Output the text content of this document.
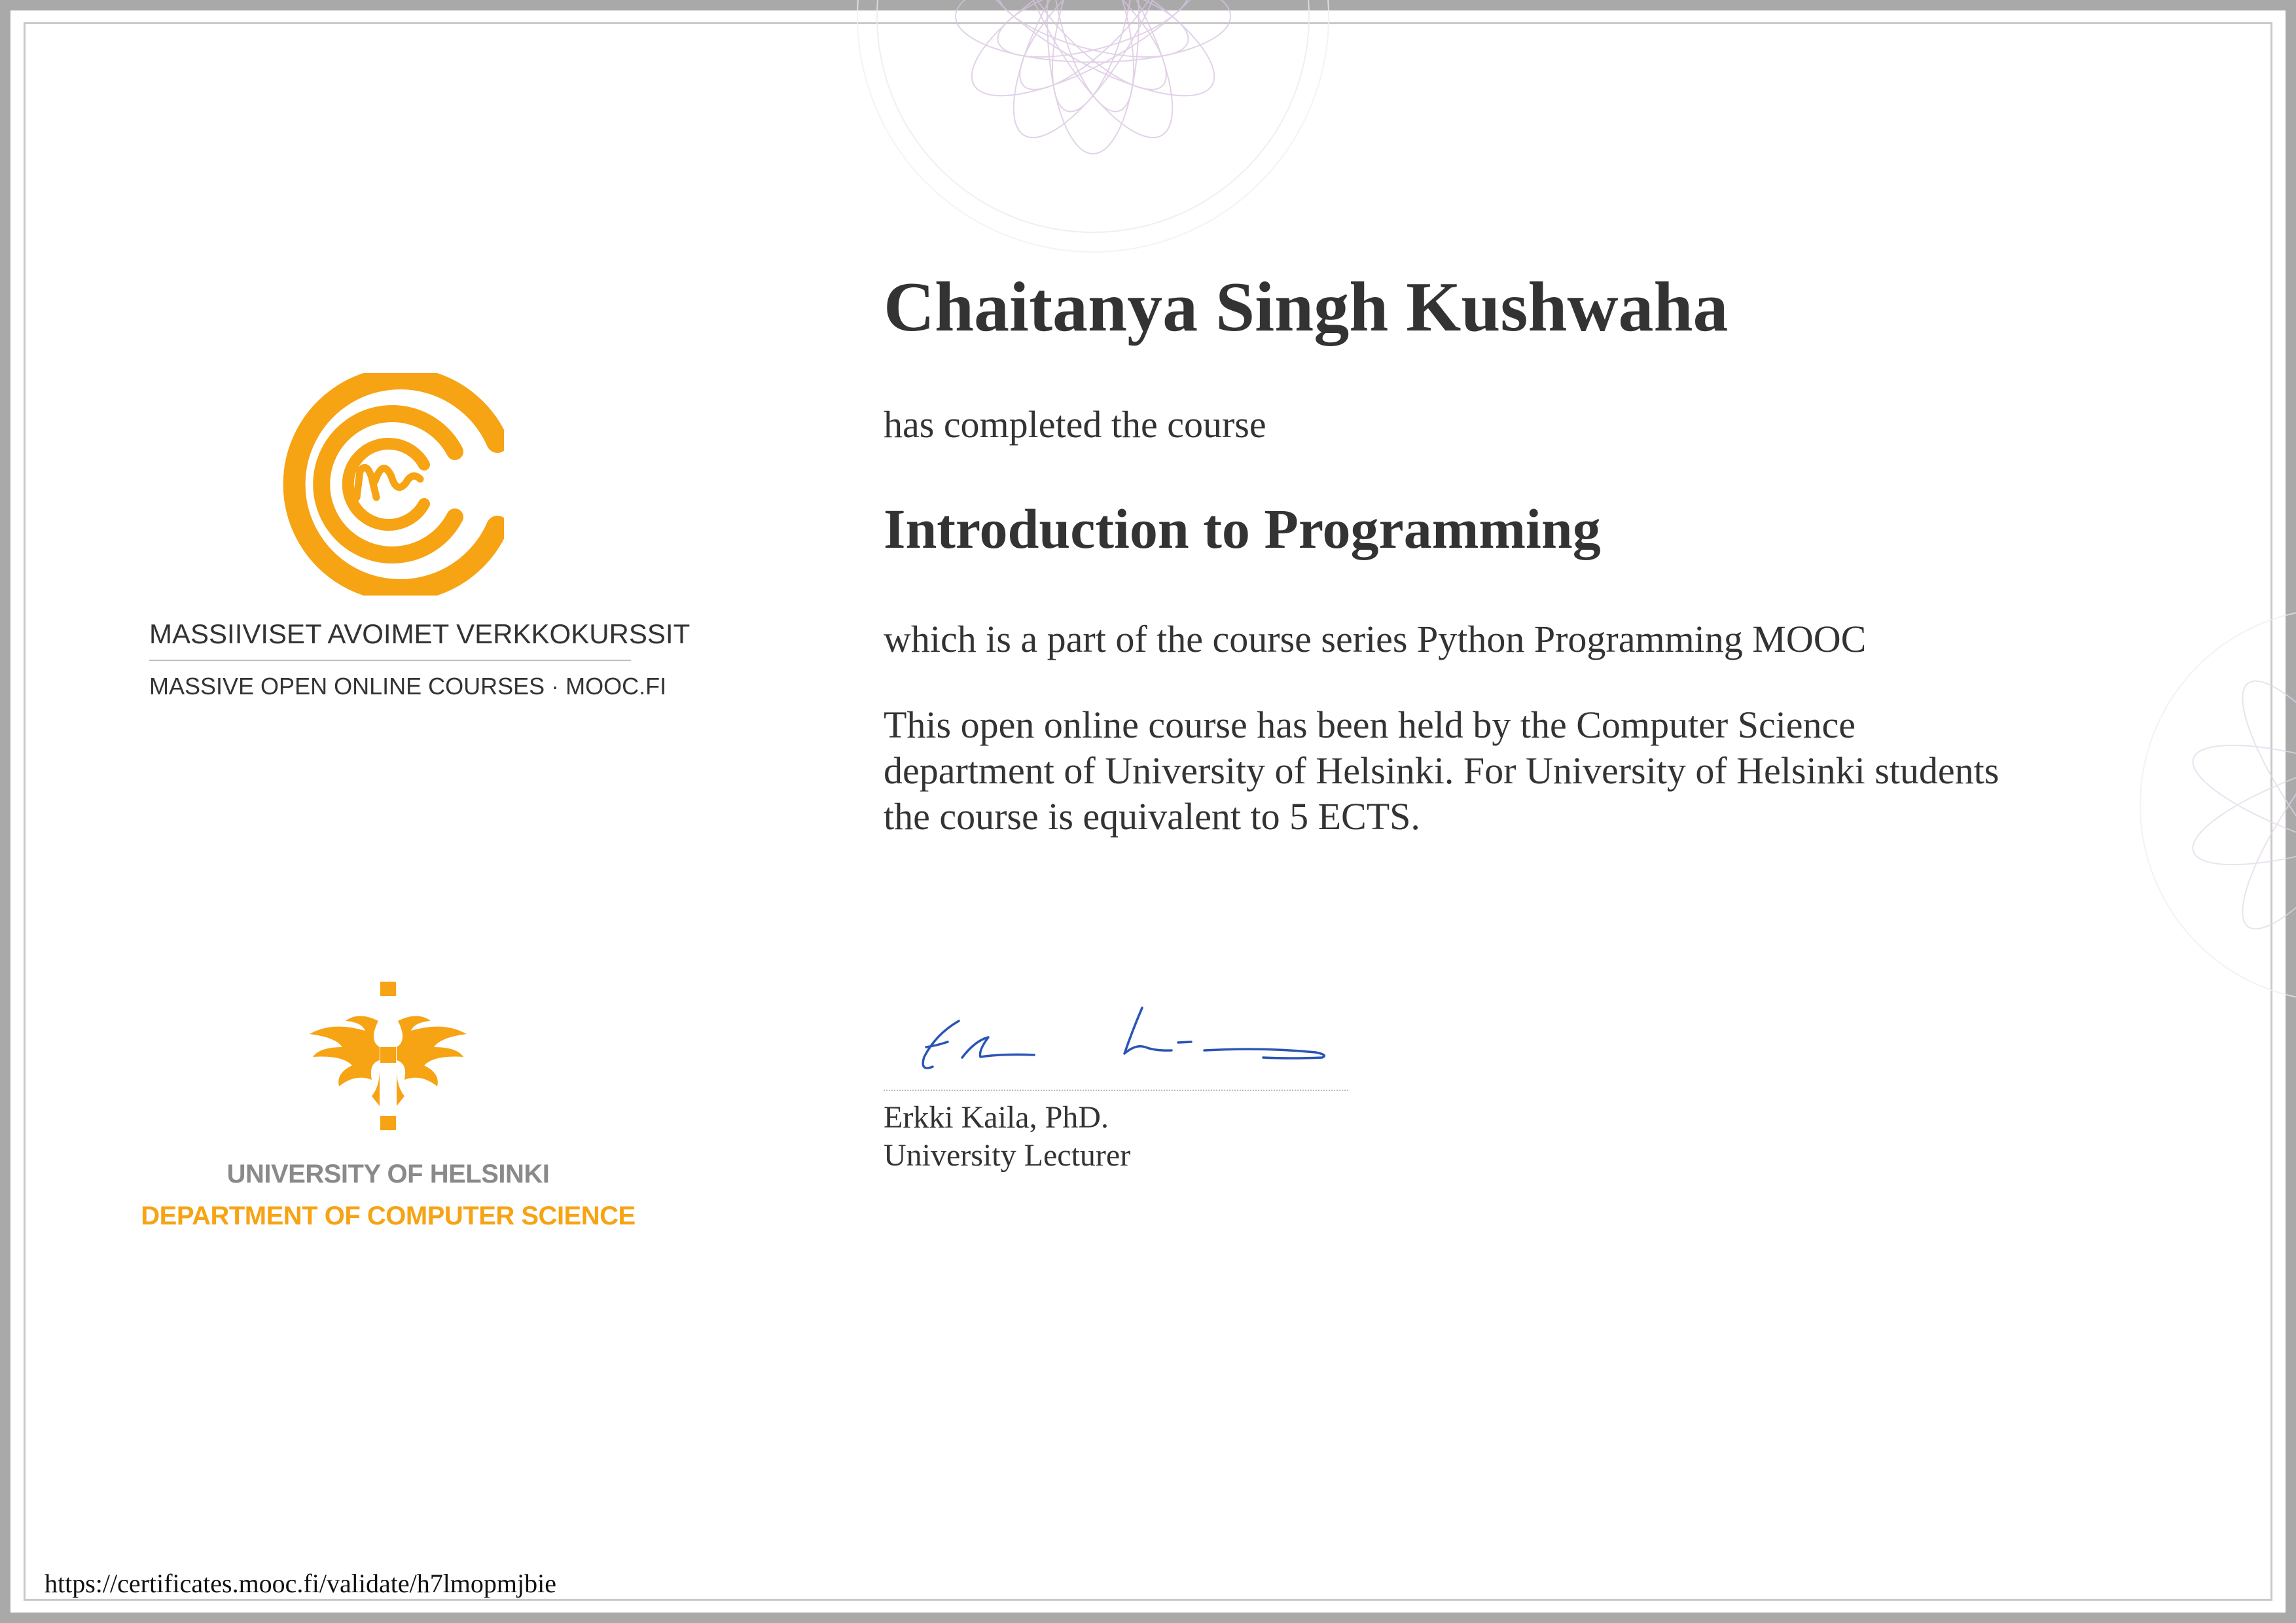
MASSIIVISET AVOIMET VERKKOKURSSIT
MASSIVE OPEN ONLINE COURSES · MOOC.FI
UNIVERSITY OF HELSINKI
DEPARTMENT OF COMPUTER SCIENCE
Chaitanya Singh Kushwaha
has completed the course
Introduction to Programming
which is a part of the course series Python Programming MOOC
This open online course has been held by the Computer Science
department of University of Helsinki. For University of Helsinki students
the course is equivalent to 5 ECTS.
Erkki Kaila, PhD.
University Lecturer
https://certificates.mooc.fi/validate/h7lmopmjbie
